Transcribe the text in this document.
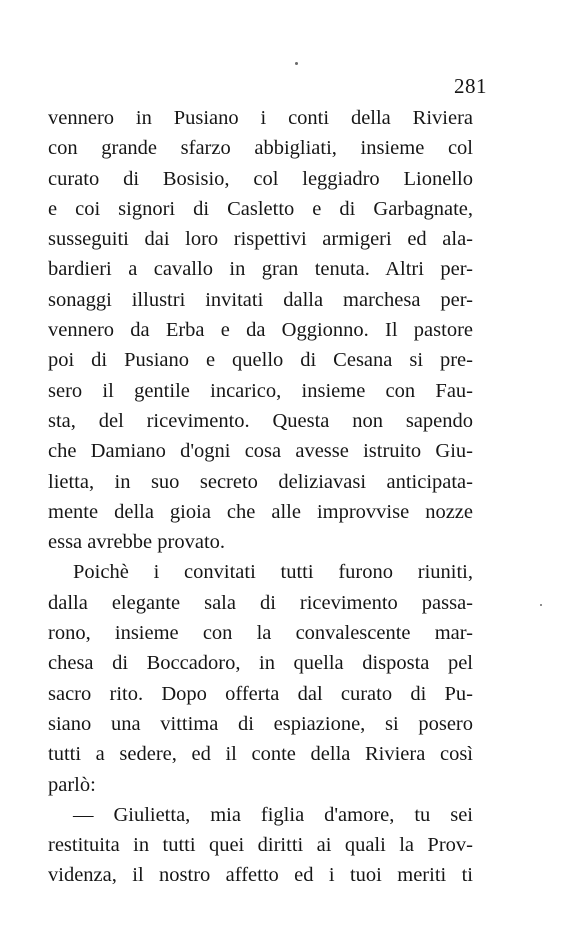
281
vennero in Pusiano i conti della Riviera
con grande sfarzo abbigliati, insieme col
curato di Bosisio, col leggiadro Lionello
e coi signori di Casletto e di Garbagnate,
susseguiti dai loro rispettivi armigeri ed ala-
bardieri a cavallo in gran tenuta. Altri per-
sonaggi illustri invitati dalla marchesa per-
vennero da Erba e da Oggionno. Il pastore
poi di Pusiano e quello di Cesana si pre-
sero il gentile incarico, insieme con Fau-
sta, del ricevimento. Questa non sapendo
che Damiano d'ogni cosa avesse istruito Giu-
lietta, in suo secreto deliziavasi anticipata-
mente della gioia che alle improvvise nozze
essa avrebbe provato.
Poichè i convitati tutti furono riuniti,
dalla elegante sala di ricevimento passa-
rono, insieme con la convalescente mar-
chesa di Boccadoro, in quella disposta pel
sacro rito. Dopo offerta dal curato di Pu-
siano una vittima di espiazione, si posero
tutti a sedere, ed il conte della Riviera così
parlò:
— Giulietta, mia figlia d'amore, tu sei
restituita in tutti quei diritti ai quali la Prov-
videnza, il nostro affetto ed i tuoi meriti ti
